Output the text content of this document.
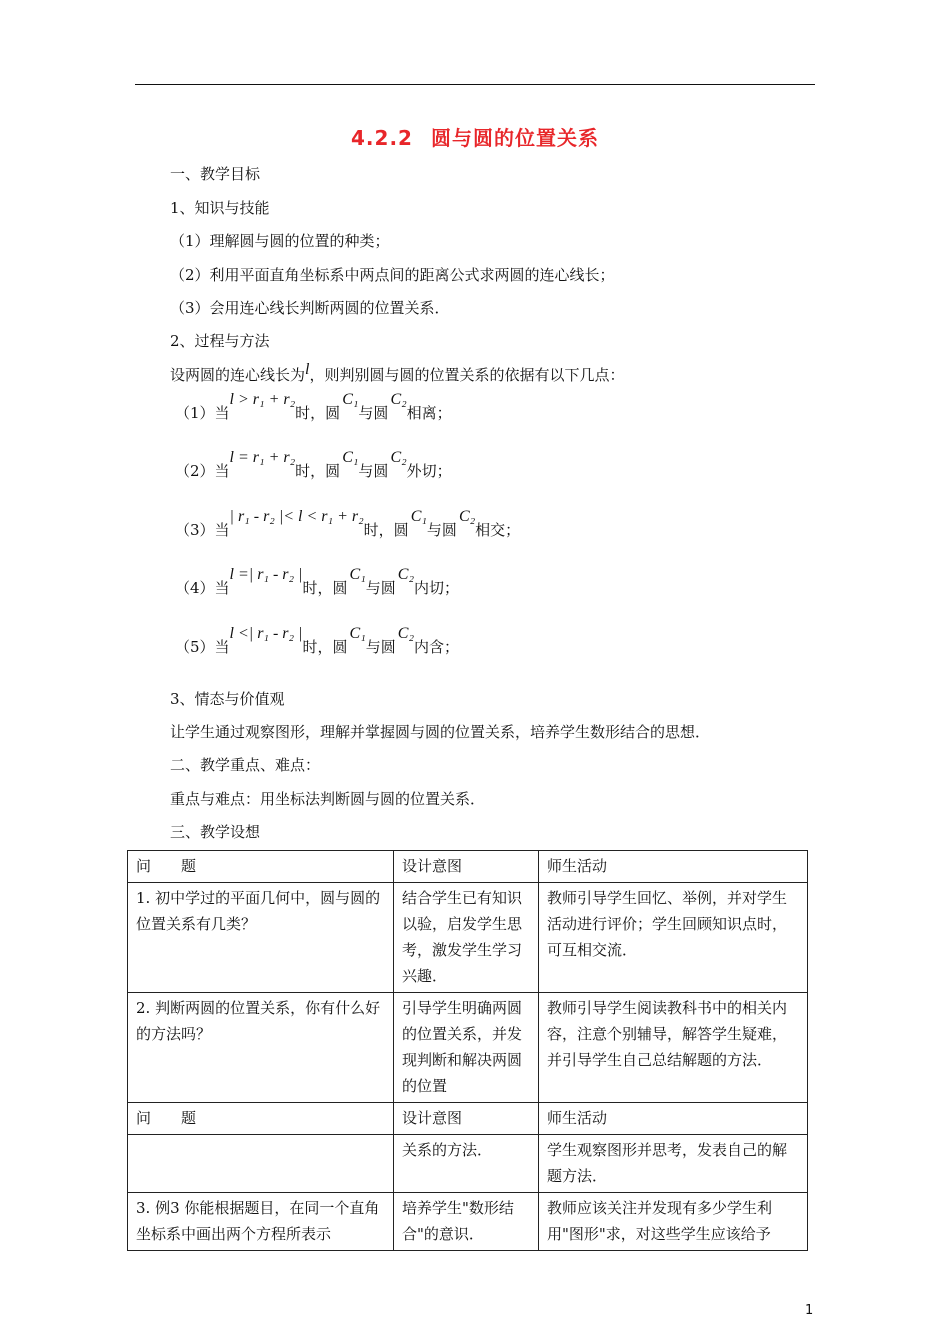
4.2.2 圆与圆的位置关系
一、教学目标
1、知识与技能
（1）理解圆与圆的位置的种类；
（2）利用平面直角坐标系中两点间的距离公式求两圆的连心线长；
（3）会用连心线长判断两圆的位置关系．
2、过程与方法
设两圆的连心线长为l，则判别圆与圆的位置关系的依据有以下几点：
（1）当l > r₁ + r₂时，圆C₁与圆C₂相离；
（2）当l = r₁ + r₂时，圆C₁与圆C₂外切；
（3）当| r₁ - r₂ |< l < r₁ + r₂时，圆C₁与圆C₂相交；
（4）当l =| r₁ - r₂ |时，圆C₁与圆C₂内切；
（5）当l <| r₁ - r₂ |时，圆C₁与圆C₂内含；
3、情态与价值观
让学生通过观察图形，理解并掌握圆与圆的位置关系，培养学生数形结合的思想．
二、教学重点、难点：
重点与难点：用坐标法判断圆与圆的位置关系．
三、教学设想
问　　题	设计意图	师生活动
1. 初中学过的平面几何中，圆与圆的位置关系有几类？	结合学生已有知识以验，启发学生思考，激发学生学习兴趣．	教师引导学生回忆、举例，并对学生活动进行评价；学生回顾知识点时，可互相交流．
2. 判断两圆的位置关系，你有什么好的方法吗？	引导学生明确两圆的位置关系，并发现判断和解决两圆的位置	教师引导学生阅读教科书中的相关内容，注意个别辅导，解答学生疑难，并引导学生自己总结解题的方法．
问　　题	设计意图	师生活动
	关系的方法．	学生观察图形并思考，发表自己的解题方法．
3. 例3 你能根据题目，在同一个直角坐标系中画出两个方程所表示	培养学生"数形结合"的意识．	教师应该关注并发现有多少学生利用"图形"求，对这些学生应该给予
1
